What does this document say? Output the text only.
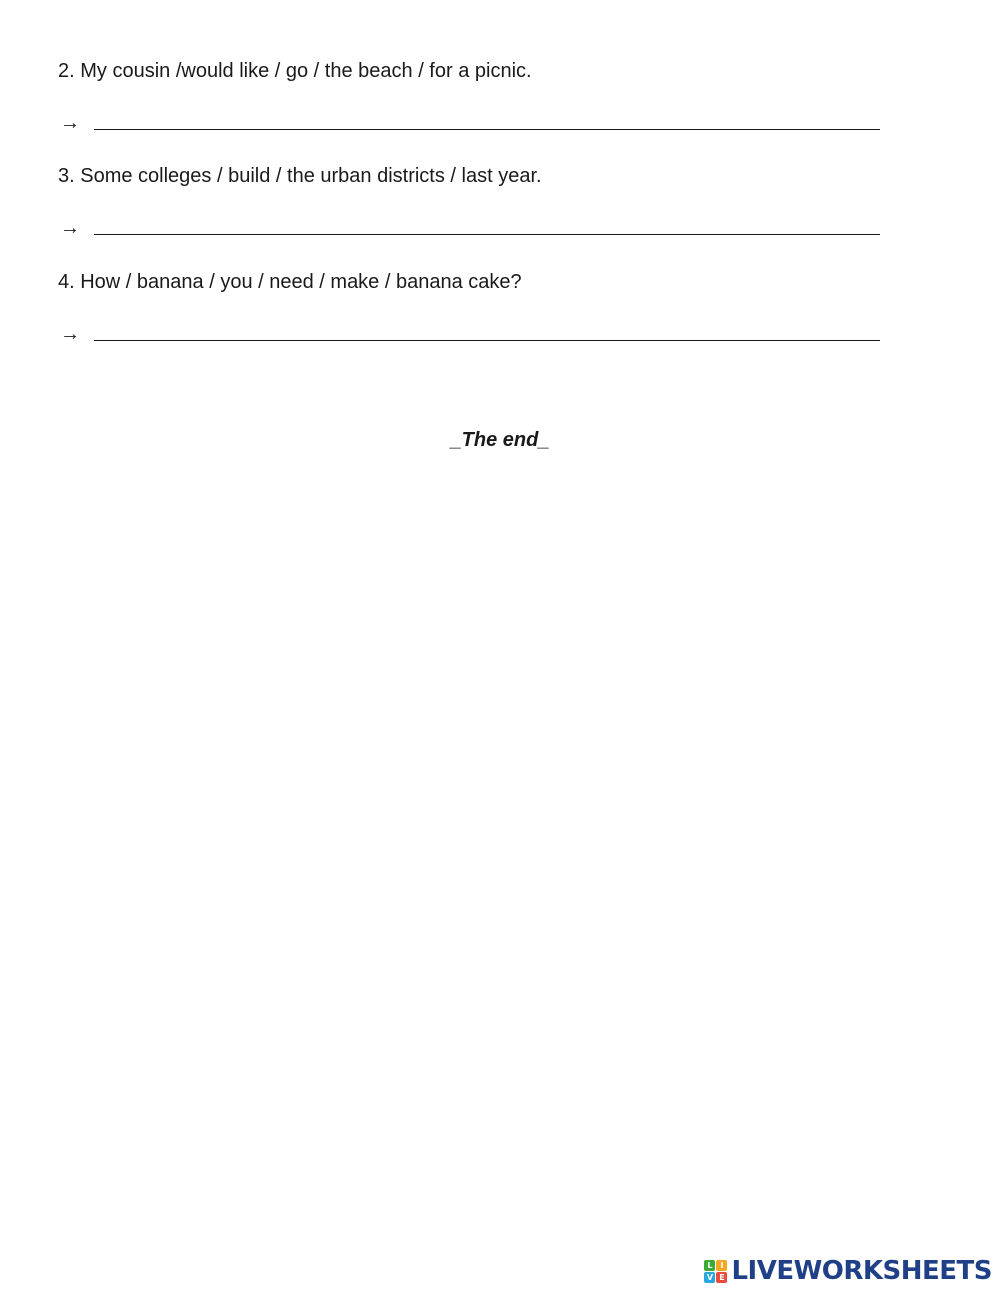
2. My cousin /would like / go / the beach / for a picnic.
→
3. Some colleges / build / the urban districts / last year.
→
4. How / banana / you / need / make / banana cake?
→
_The end_
L I
V E LIVEWORKSHEETS
